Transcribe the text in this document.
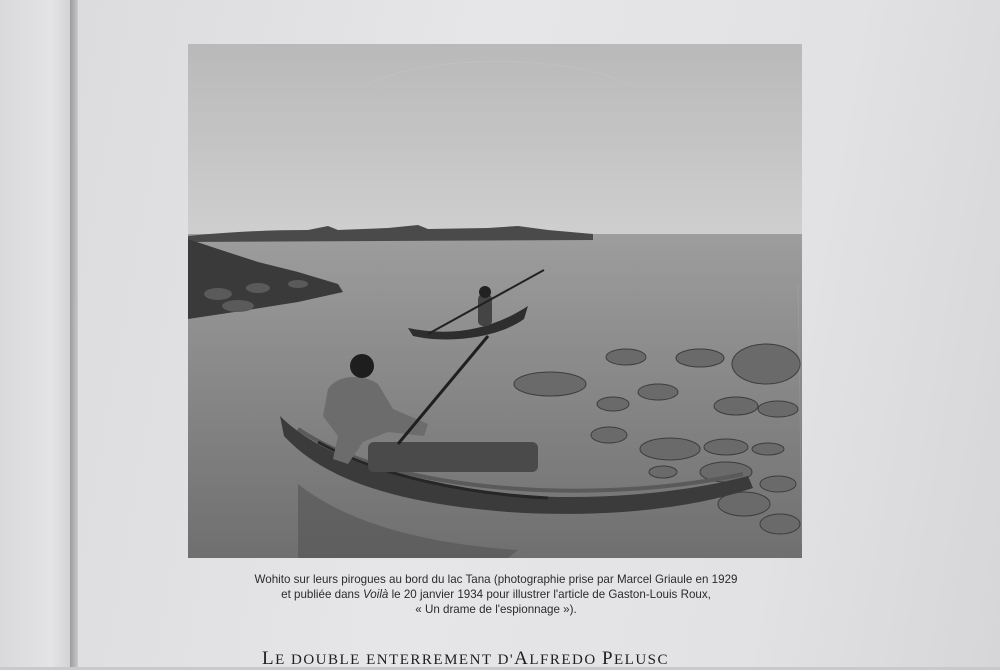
Wohito sur leurs pirogues au bord du lac Tana (photographie prise par Marcel Griaule en 1929
et publiée dans Voilà le 20 janvier 1934 pour illustrer l'article de Gaston-Louis Roux,
« Un drame de l'espionnage »).
LE DOUBLE ENTERREMENT D'ALFREDO PELUSC
